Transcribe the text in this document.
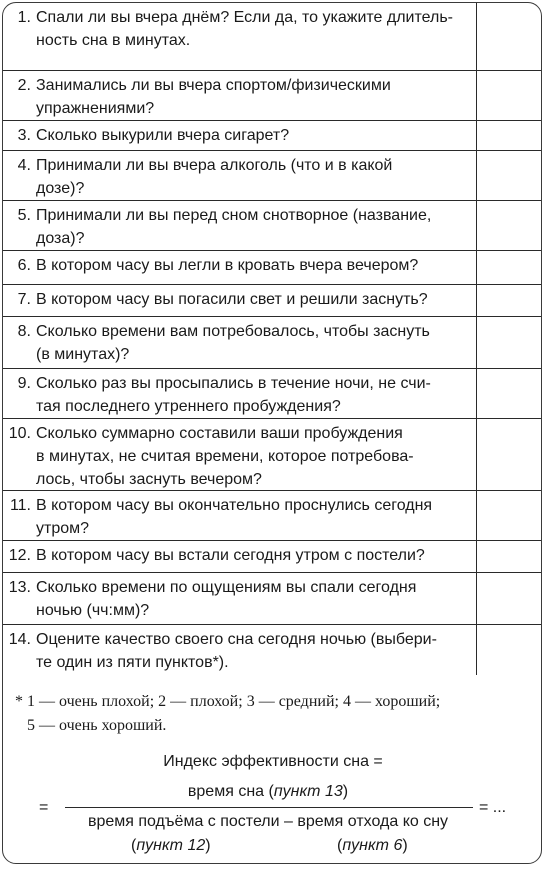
1. Спали ли вы вчера днём? Если да, то укажите длитель-
ность сна в минутах.
2. Занимались ли вы вчера спортом/физическими
упражнениями?
3. Сколько выкурили вчера сигарет?
4. Принимали ли вы вчера алкоголь (что и в какой
дозе)?
5. Принимали ли вы перед сном снотворное (название,
доза)?
6. В котором часу вы легли в кровать вчера вечером?
7. В котором часу вы погасили свет и решили заснуть?
8. Сколько времени вам потребовалось, чтобы заснуть
(в минутах)?
9. Сколько раз вы просыпались в течение ночи, не счи-
тая последнего утреннего пробуждения?
10. Сколько суммарно составили ваши пробуждения
в минутах, не считая времени, которое потребова-
лось, чтобы заснуть вечером?
11. В котором часу вы окончательно проснулись сегодня
утром?
12. В котором часу вы встали сегодня утром с постели?
13. Сколько времени по ощущениям вы спали сегодня
ночью (чч:мм)?
14. Оцените качество своего сна сегодня ночью (выбери-
те один из пяти пунктов*).
* 1 — очень плохой; 2 — плохой; 3 — средний; 4 — хороший;
5 — очень хороший.
Индекс эффективности сна =
=
время сна (пункт 13)
время подъёма с постели – время отхода ко сну
= ...
(пункт 12)	(пункт 6)
